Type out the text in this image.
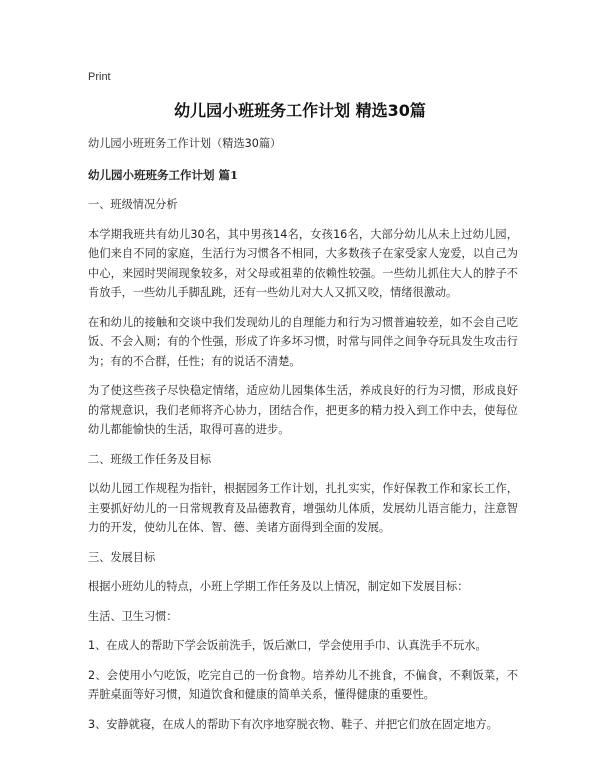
Print
幼儿园小班班务工作计划 精选30篇

幼儿园小班班务工作计划（精选30篇）

幼儿园小班班务工作计划 篇1

一、班级情况分析

本学期我班共有幼儿30名，其中男孩14名，女孩16名，大部分幼儿从未上过幼儿园，他们来自不同的家庭，生活行为习惯各不相同，大多数孩子在家受家人宠爱，以自己为中心，来园时哭闹现象较多，对父母或祖辈的依赖性较强。一些幼儿抓住大人的脖子不肯放手，一些幼儿手脚乱跳，还有一些幼儿对大人又抓又咬，情绪很激动。

在和幼儿的接触和交谈中我们发现幼儿的自理能力和行为习惯普遍较差，如不会自己吃饭、不会入厕；有的个性强，形成了许多坏习惯，时常与同伴之间争夺玩具发生攻击行为；有的不合群，任性；有的说话不清楚。

为了使这些孩子尽快稳定情绪，适应幼儿园集体生活，养成良好的行为习惯，形成良好的常规意识，我们老师将齐心协力，团结合作，把更多的精力投入到工作中去，使每位幼儿都能愉快的生活，取得可喜的进步。

二、班级工作任务及目标

以幼儿园工作规程为指针，根据园务工作计划，扎扎实实，作好保教工作和家长工作，主要抓好幼儿的一日常规教育及品德教育，增强幼儿体质，发展幼儿语言能力，注意智力的开发，使幼儿在体、智、德、美诸方面得到全面的发展。

三、发展目标

根据小班幼儿的特点，小班上学期工作任务及以上情况，制定如下发展目标：

生活、卫生习惯：

1、在成人的帮助下学会饭前洗手，饭后漱口，学会使用手巾、认真洗手不玩水。

2、会使用小勺吃饭，吃完自己的一份食物。培养幼儿不挑食，不偏食，不剩饭菜，不弄脏桌面等好习惯，知道饮食和健康的简单关系，懂得健康的重要性。

3、安静就寝，在成人的帮助下有次序地穿脱衣物、鞋子、并把它们放在固定地方。
